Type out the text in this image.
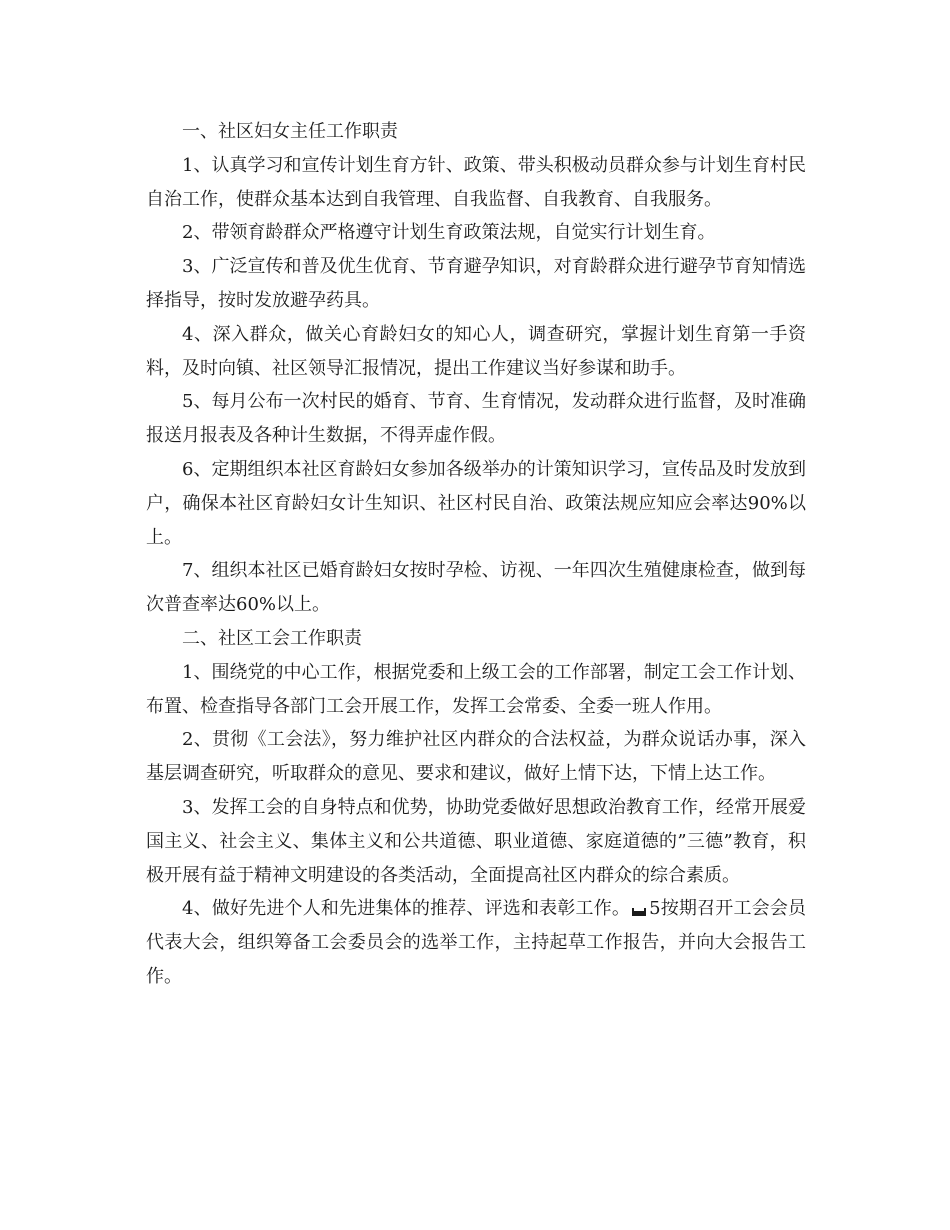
一、社区妇女主任工作职责

1、认真学习和宣传计划生育方针、政策、带头积极动员群众参与计划生育村民自治工作，使群众基本达到自我管理、自我监督、自我教育、自我服务。

2、带领育龄群众严格遵守计划生育政策法规，自觉实行计划生育。

3、广泛宣传和普及优生优育、节育避孕知识，对育龄群众进行避孕节育知情选择指导，按时发放避孕药具。

4、深入群众，做关心育龄妇女的知心人，调查研究，掌握计划生育第一手资料，及时向镇、社区领导汇报情况，提出工作建议当好参谋和助手。

5、每月公布一次村民的婚育、节育、生育情况，发动群众进行监督，及时准确报送月报表及各种计生数据，不得弄虚作假。

6、定期组织本社区育龄妇女参加各级举办的计策知识学习，宣传品及时发放到户，确保本社区育龄妇女计生知识、社区村民自治、政策法规应知应会率达90%以上。

7、组织本社区已婚育龄妇女按时孕检、访视、一年四次生殖健康检查，做到每次普查率达60%以上。

二、社区工会工作职责

1、围绕党的中心工作，根据党委和上级工会的工作部署，制定工会工作计划、布置、检查指导各部门工会开展工作，发挥工会常委、全委一班人作用。

2、贯彻《工会法》，努力维护社区内群众的合法权益，为群众说话办事，深入基层调查研究，听取群众的意见、要求和建议，做好上情下达，下情上达工作。

3、发挥工会的自身特点和优势，协助党委做好思想政治教育工作，经常开展爱国主义、社会主义、集体主义和公共道德、职业道德、家庭道德的”三德”教育，积极开展有益于精神文明建设的各类活动，全面提高社区内群众的综合素质。

4、做好先进个人和先进集体的推荐、评选和表彰工作。 5按期召开工会会员代表大会，组织筹备工会委员会的选举工作，主持起草工作报告，并向大会报告工作。
